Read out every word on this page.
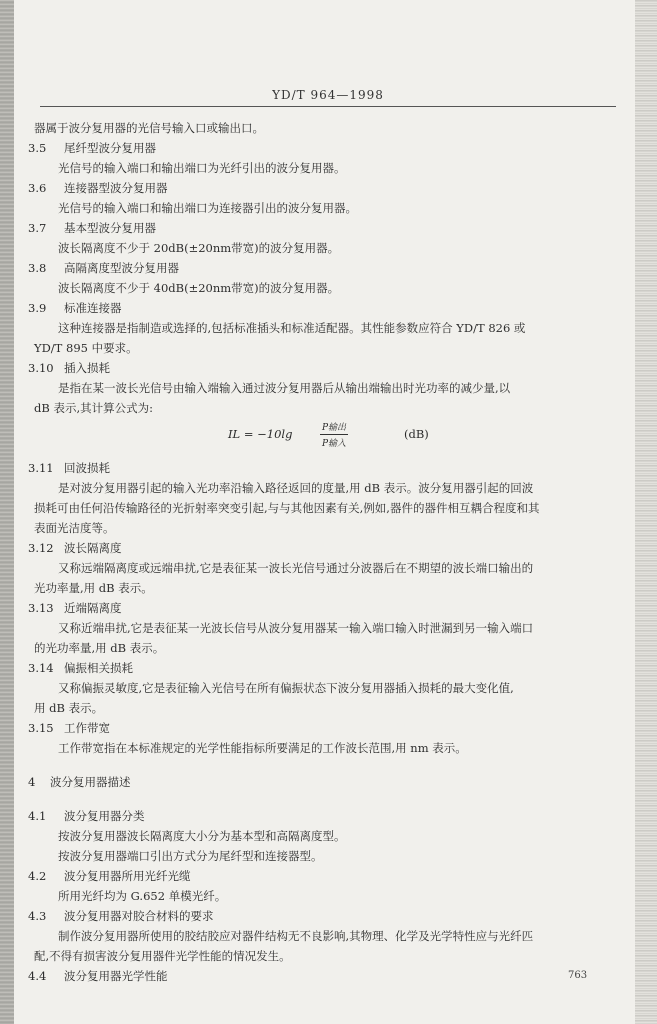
YD/T 964—1998
器属于波分复用器的光信号输入口或输出口。
3.5	尾纤型波分复用器
光信号的输入端口和输出端口为光纤引出的波分复用器。
3.6	连接器型波分复用器
光信号的输入端口和输出端口为连接器引出的波分复用器。
3.7	基本型波分复用器
波长隔离度不少于 20dB(±20nm带宽)的波分复用器。
3.8	高隔离度型波分复用器
波长隔离度不少于 40dB(±20nm带宽)的波分复用器。
3.9	标准连接器
这种连接器是指制造或选择的,包括标准插头和标准适配器。其性能参数应符合 YD/T 826 或
YD/T 895 中要求。
3.10 插入损耗
是指在某一波长光信号由输入端输入通过波分复用器后从输出端输出时光功率的减少量,以
dB 表示,其计算公式为:
IL = −10lg	$\frac{\text{P输出}}{\text{P输入}}$	(dB)
3.11 回波损耗
是对波分复用器引起的输入光功率沿输入路径返回的度量,用 dB 表示。波分复用器引起的回波
损耗可由任何沿传输路径的光折射率突变引起,与与其他因素有关,例如,器件的器件相互耦合程度和其
表面光洁度等。
3.12 波长隔离度
又称远端隔离度或远端串扰,它是表征某一波长光信号通过分波器后在不期望的波长端口输出的
光功率量,用 dB 表示。
3.13 近端隔离度
又称近端串扰,它是表征某一光波长信号从波分复用器某一输入端口输入时泄漏到另一输入端口
的光功率量,用 dB 表示。
3.14 偏振相关损耗
又称偏振灵敏度,它是表征输入光信号在所有偏振状态下波分复用器插入损耗的最大变化值,
用 dB 表示。
3.15 工作带宽
工作带宽指在本标准规定的光学性能指标所要满足的工作波长范围,用 nm 表示。
4	波分复用器描述
4.1	波分复用器分类
按波分复用器波长隔离度大小分为基本型和高隔离度型。
按波分复用器端口引出方式分为尾纤型和连接器型。
4.2	波分复用器所用光纤光缆
所用光纤均为 G.652 单模光纤。
4.3	波分复用器对胶合材料的要求
制作波分复用器所使用的胶结胶应对器件结构无不良影响,其物理、化学及光学特性应与光纤匹
配,不得有损害波分复用器件光学性能的情况发生。
4.4	波分复用器光学性能	763
